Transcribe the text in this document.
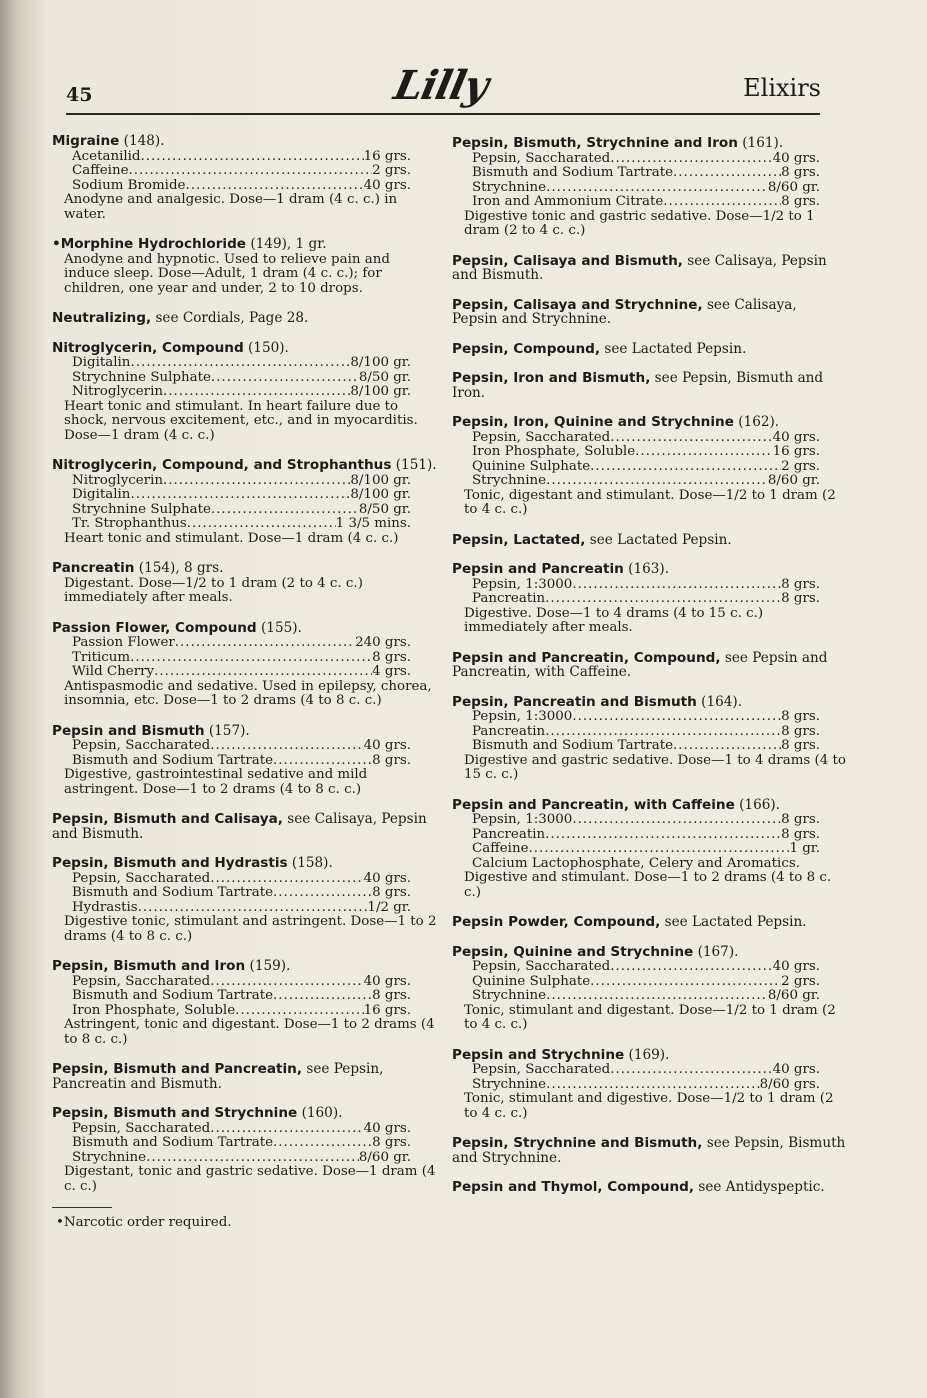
45	Lilly	Elixirs
Migraine (148).
Acetanilid .....	16 grs.
Caffeine .....	2 grs.
Sodium Bromide .....	40 grs.
Anodyne and analgesic. Dose—1 dram (4 c. c.) in water.
•Morphine Hydrochloride (149), 1 gr.
Anodyne and hypnotic. Used to relieve pain and induce sleep. Dose—Adult, 1 dram (4 c. c.); for children, one year and under, 2 to 10 drops.
Neutralizing, see Cordials, Page 28.
Nitroglycerin, Compound (150).
Digitalin .....	8/100 gr.
Strychnine Sulphate .....	8/50 gr.
Nitroglycerin .....	8/100 gr.
Heart tonic and stimulant. In heart failure due to shock, nervous excitement, etc., and in myocarditis. Dose—1 dram (4 c. c.)
Nitroglycerin, Compound, and Strophanthus (151).
Nitroglycerin .....	8/100 gr.
Digitalin .....	8/100 gr.
Strychnine Sulphate .....	8/50 gr.
Tr. Strophanthus .....	1 3/5 mins.
Heart tonic and stimulant. Dose—1 dram (4 c. c.)
Pancreatin (154), 8 grs.
Digestant. Dose—1/2 to 1 dram (2 to 4 c. c.) immediately after meals.
Passion Flower, Compound (155).
Passion Flower .....	240 grs.
Triticum .....	8 grs.
Wild Cherry .....	4 grs.
Antispasmodic and sedative. Used in epilepsy, chorea, insomnia, etc. Dose—1 to 2 drams (4 to 8 c. c.)
Pepsin and Bismuth (157).
Pepsin, Saccharated .....	40 grs.
Bismuth and Sodium Tartrate .....	8 grs.
Digestive, gastrointestinal sedative and mild astringent. Dose—1 to 2 drams (4 to 8 c. c.)
Pepsin, Bismuth and Calisaya, see Calisaya, Pepsin and Bismuth.
Pepsin, Bismuth and Hydrastis (158).
Pepsin, Saccharated .....	40 grs.
Bismuth and Sodium Tartrate .....	8 grs.
Hydrastis .....	1/2 gr.
Digestive tonic, stimulant and astringent. Dose—1 to 2 drams (4 to 8 c. c.)
Pepsin, Bismuth and Iron (159).
Pepsin, Saccharated .....	40 grs.
Bismuth and Sodium Tartrate .....	8 grs.
Iron Phosphate, Soluble .....	16 grs.
Astringent, tonic and digestant. Dose—1 to 2 drams (4 to 8 c. c.)
Pepsin, Bismuth and Pancreatin, see Pepsin, Pancreatin and Bismuth.
Pepsin, Bismuth and Strychnine (160).
Pepsin, Saccharated .....	40 grs.
Bismuth and Sodium Tartrate .....	8 grs.
Strychnine .....	8/60 gr.
Digestant, tonic and gastric sedative. Dose—1 dram (4 c. c.)
•Narcotic order required.
Pepsin, Bismuth, Strychnine and Iron (161).
Pepsin, Saccharated .....	40 grs.
Bismuth and Sodium Tartrate .....	8 grs.
Strychnine .....	8/60 gr.
Iron and Ammonium Citrate .....	8 grs.
Digestive tonic and gastric sedative. Dose—1/2 to 1 dram (2 to 4 c. c.)
Pepsin, Calisaya and Bismuth, see Calisaya, Pepsin and Bismuth.
Pepsin, Calisaya and Strychnine, see Calisaya, Pepsin and Strychnine.
Pepsin, Compound, see Lactated Pepsin.
Pepsin, Iron and Bismuth, see Pepsin, Bismuth and Iron.
Pepsin, Iron, Quinine and Strychnine (162).
Pepsin, Saccharated .....	40 grs.
Iron Phosphate, Soluble .....	16 grs.
Quinine Sulphate .....	2 grs.
Strychnine .....	8/60 gr.
Tonic, digestant and stimulant. Dose—1/2 to 1 dram (2 to 4 c. c.)
Pepsin, Lactated, see Lactated Pepsin.
Pepsin and Pancreatin (163).
Pepsin, 1:3000 .....	8 grs.
Pancreatin .....	8 grs.
Digestive. Dose—1 to 4 drams (4 to 15 c. c.) immediately after meals.
Pepsin and Pancreatin, Compound, see Pepsin and Pancreatin, with Caffeine.
Pepsin, Pancreatin and Bismuth (164).
Pepsin, 1:3000 .....	8 grs.
Pancreatin .....	8 grs.
Bismuth and Sodium Tartrate .....	8 grs.
Digestive and gastric sedative. Dose—1 to 4 drams (4 to 15 c. c.)
Pepsin and Pancreatin, with Caffeine (166).
Pepsin, 1:3000 .....	8 grs.
Pancreatin .....	8 grs.
Caffeine .....	1 gr.
Calcium Lactophosphate, Celery and Aromatics.
Digestive and stimulant. Dose—1 to 2 drams (4 to 8 c. c.)
Pepsin Powder, Compound, see Lactated Pepsin.
Pepsin, Quinine and Strychnine (167).
Pepsin, Saccharated .....	40 grs.
Quinine Sulphate .....	2 grs.
Strychnine .....	8/60 gr.
Tonic, stimulant and digestant. Dose—1/2 to 1 dram (2 to 4 c. c.)
Pepsin and Strychnine (169).
Pepsin, Saccharated .....	40 grs.
Strychnine .....	8/60 grs.
Tonic, stimulant and digestive. Dose—1/2 to 1 dram (2 to 4 c. c.)
Pepsin, Strychnine and Bismuth, see Pepsin, Bismuth and Strychnine.
Pepsin and Thymol, Compound, see Antidyspeptic.
